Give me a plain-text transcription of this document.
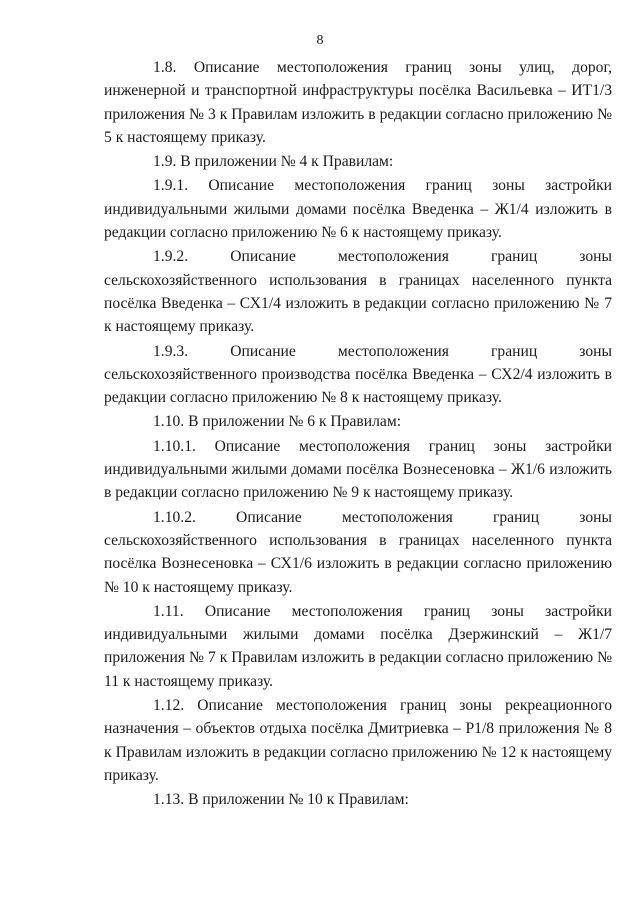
8

1.8. Описание местоположения границ зоны улиц, дорог, инженерной и транспортной инфраструктуры посёлка Васильевка – ИТ1/3 приложения № 3 к Правилам изложить в редакции согласно приложению № 5 к настоящему приказу.

1.9. В приложении № 4 к Правилам:

1.9.1. Описание местоположения границ зоны застройки индивидуальными жилыми домами посёлка Введенка – Ж1/4 изложить в редакции согласно приложению № 6 к настоящему приказу.

1.9.2. Описание местоположения границ зоны сельскохозяйственного использования в границах населенного пункта посёлка Введенка – СХ1/4 изложить в редакции согласно приложению № 7 к настоящему приказу.

1.9.3. Описание местоположения границ зоны сельскохозяйственного производства посёлка Введенка – СХ2/4 изложить в редакции согласно приложению № 8 к настоящему приказу.

1.10. В приложении № 6 к Правилам:

1.10.1. Описание местоположения границ зоны застройки индивидуальными жилыми домами посёлка Вознесеновка – Ж1/6 изложить в редакции согласно приложению № 9 к настоящему приказу.

1.10.2. Описание местоположения границ зоны сельскохозяйственного использования в границах населенного пункта посёлка Вознесеновка – СХ1/6 изложить в редакции согласно приложению № 10 к настоящему приказу.

1.11. Описание местоположения границ зоны застройки индивидуальными жилыми домами посёлка Дзержинский – Ж1/7 приложения № 7 к Правилам изложить в редакции согласно приложению № 11 к настоящему приказу.

1.12. Описание местоположения границ зоны рекреационного назначения – объектов отдыха посёлка Дмитриевка – Р1/8 приложения № 8 к Правилам изложить в редакции согласно приложению № 12 к настоящему приказу.

1.13. В приложении № 10 к Правилам:
